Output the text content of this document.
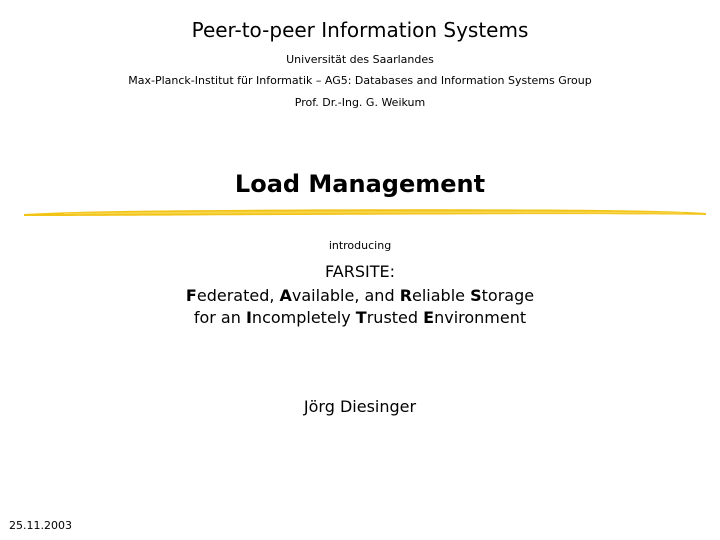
Peer-to-peer Information Systems
Universität des Saarlandes
Max-Planck-Institut für Informatik – AG5: Databases and Information Systems Group
Prof. Dr.-Ing. G. Weikum
Load Management
introducing
FARSITE:
Federated, Available, and Reliable Storage
for an Incompletely Trusted Environment
Jörg Diesinger
25.11.2003
